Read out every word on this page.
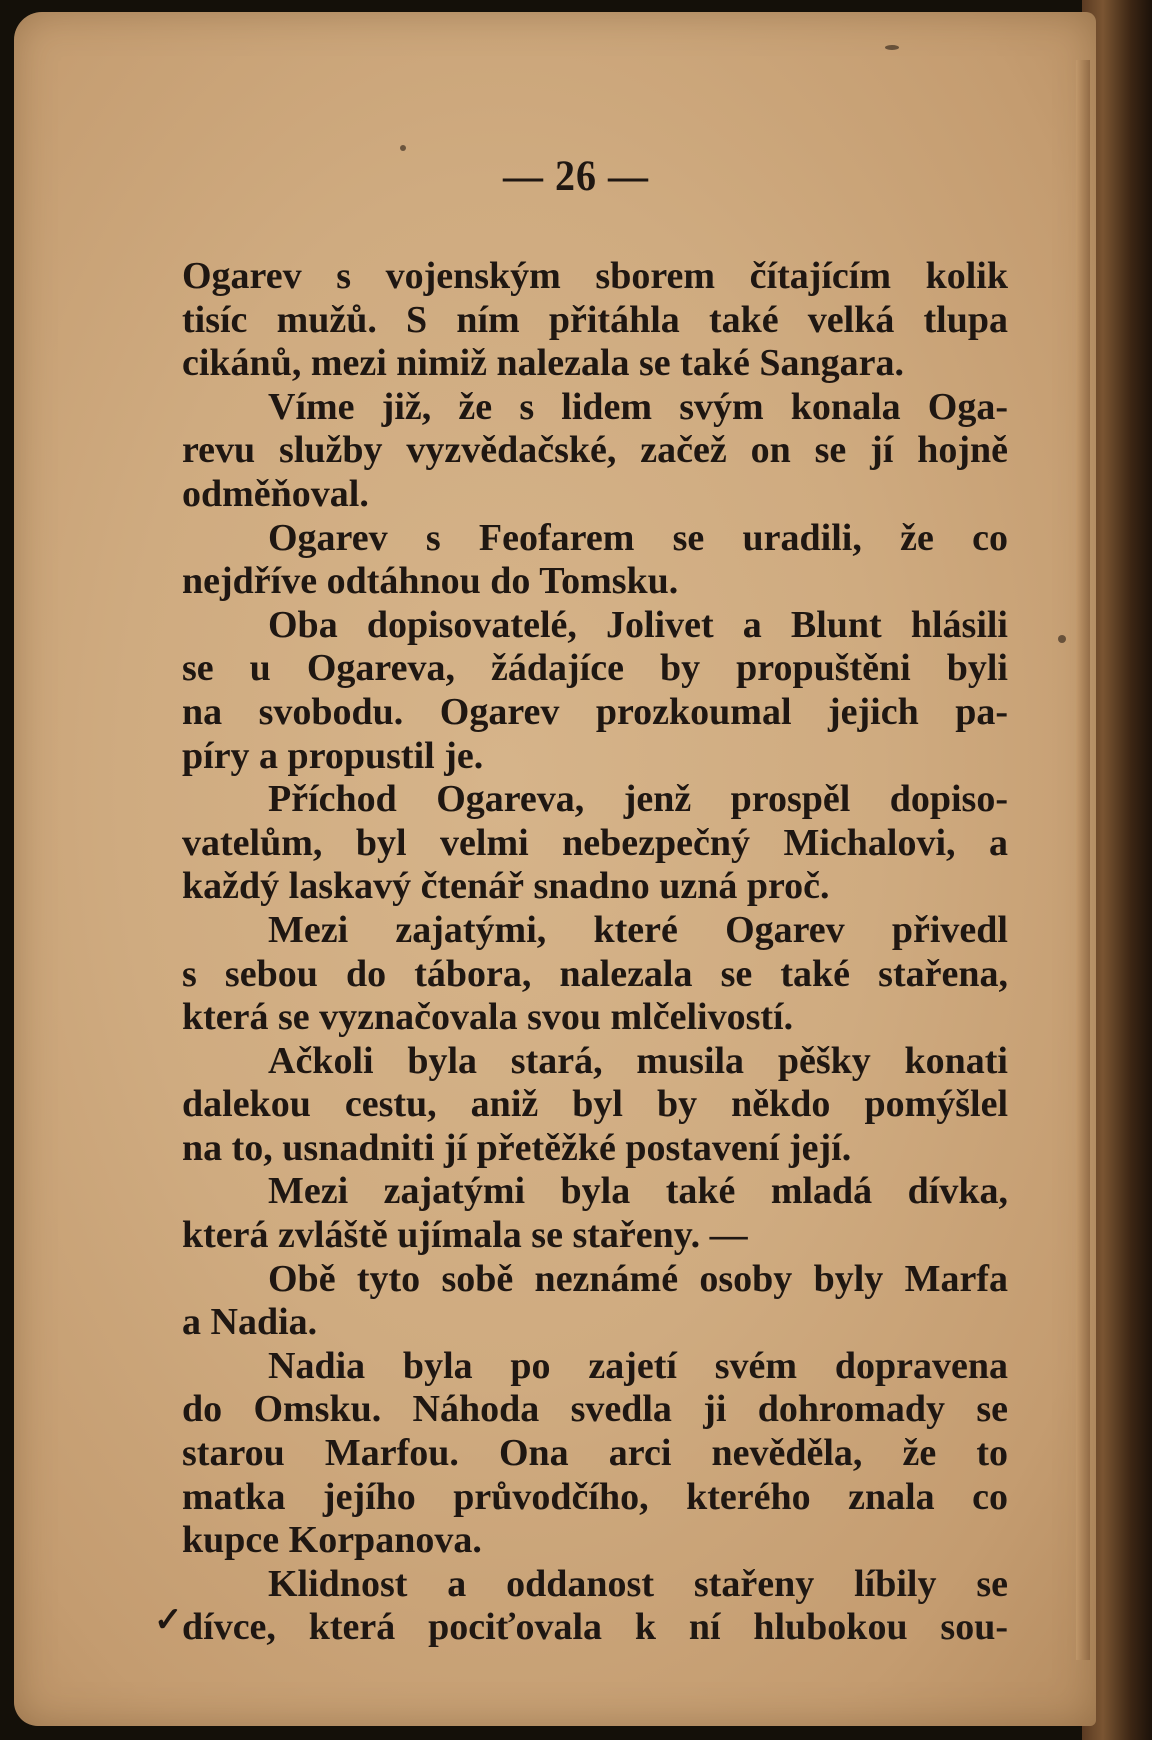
— 26 —
Ogarev s vojenským sborem čítajícím kolik
tisíc mužů. S ním přitáhla také velká tlupa
cikánů, mezi nimiž nalezala se také Sangara.
Víme již, že s lidem svým konala Oga-
revu služby vyzvědačské, začež on se jí hojně
odměňoval.
Ogarev s Feofarem se uradili, že co
nejdříve odtáhnou do Tomsku.
Oba dopisovatelé, Jolivet a Blunt hlásili
se u Ogareva, žádajíce by propuštěni byli
na svobodu. Ogarev prozkoumal jejich pa-
píry a propustil je.
Příchod Ogareva, jenž prospěl dopiso-
vatelům, byl velmi nebezpečný Michalovi, a
každý laskavý čtenář snadno uzná proč.
Mezi zajatými, které Ogarev přivedl
s sebou do tábora, nalezala se také stařena,
která se vyznačovala svou mlčelivostí.
Ačkoli byla stará, musila pěšky konati
dalekou cestu, aniž byl by někdo pomýšlel
na to, usnadniti jí přetěžké postavení její.
Mezi zajatými byla také mladá dívka,
která zvláště ujímala se stařeny. —
Obě tyto sobě neznámé osoby byly Marfa
a Nadia.
Nadia byla po zajetí svém dopravena
do Omsku. Náhoda svedla ji dohromady se
starou Marfou. Ona arci nevěděla, že to
matka jejího průvodčího, kterého znala co
kupce Korpanova.
Klidnost a oddanost stařeny líbily se
dívce, která pociťovala k ní hlubokou sou-
✓
